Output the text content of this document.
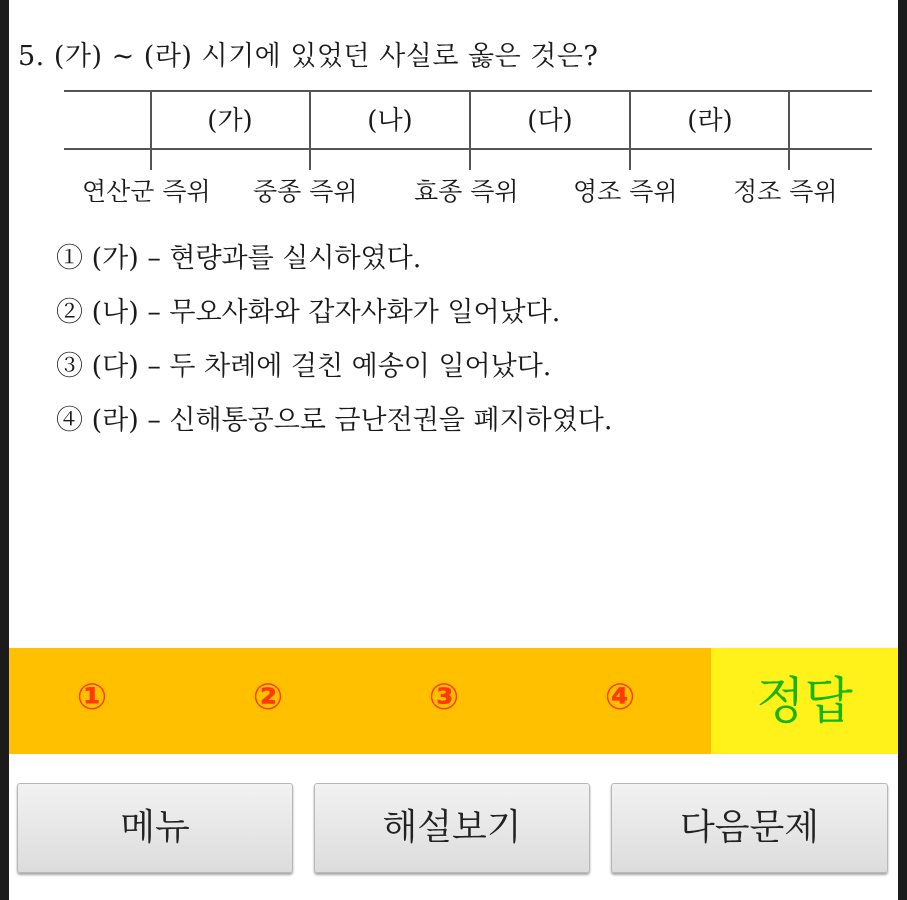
5. (가) ~ (라) 시기에 있었던 사실로 옳은 것은?
(가)	(나)	(다)	(라)
연산군 즉위 중종 즉위 효종 즉위 영조 즉위 정조 즉위
① (가) – 현량과를 실시하였다.
② (나) – 무오사화와 갑자사화가 일어났다.
③ (다) – 두 차례에 걸친 예송이 일어났다.
④ (라) – 신해통공으로 금난전권을 폐지하였다.
①	②	③	④	정답
메뉴	해설보기	다음문제
